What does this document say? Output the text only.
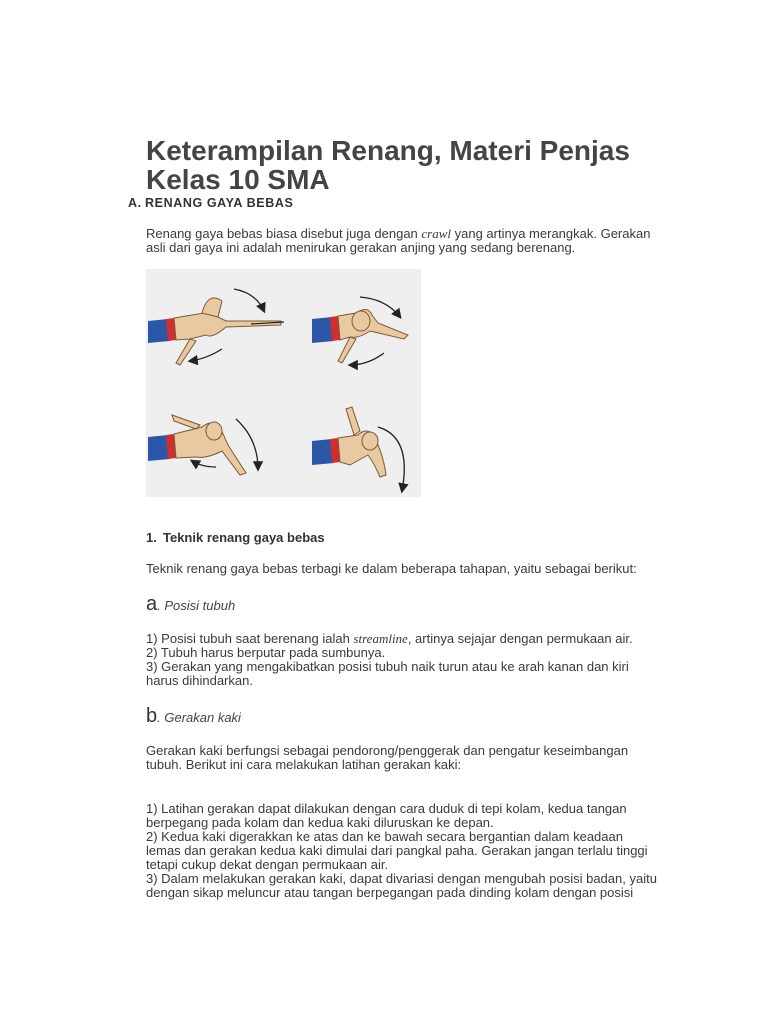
Keterampilan Renang, Materi Penjas Kelas 10 SMA
A. RENANG GAYA BEBAS

Renang gaya bebas biasa disebut juga dengan crawl yang artinya merangkak. Gerakan asli dari gaya ini adalah menirukan gerakan anjing yang sedang berenang.

1. Teknik renang gaya bebas

Teknik renang gaya bebas terbagi ke dalam beberapa tahapan, yaitu sebagai berikut:

a. Posisi tubuh
1) Posisi tubuh saat berenang ialah streamline, artinya sejajar dengan permukaan air.
2) Tubuh harus berputar pada sumbunya.
3) Gerakan yang mengakibatkan posisi tubuh naik turun atau ke arah kanan dan kiri harus dihindarkan.
b. Gerakan kaki

Gerakan kaki berfungsi sebagai pendorong/penggerak dan pengatur keseimbangan tubuh. Berikut ini cara melakukan latihan gerakan kaki:

1) Latihan gerakan dapat dilakukan dengan cara duduk di tepi kolam, kedua tangan berpegang pada kolam dan kedua kaki diluruskan ke depan.
2) Kedua kaki digerakkan ke atas dan ke bawah secara bergantian dalam keadaan lemas dan gerakan kedua kaki dimulai dari pangkal paha. Gerakan jangan terlalu tinggi tetapi cukup dekat dengan permukaan air.
3) Dalam melakukan gerakan kaki, dapat divariasi dengan mengubah posisi badan, yaitu dengan sikap meluncur atau tangan berpegangan pada dinding kolam dengan posisi
